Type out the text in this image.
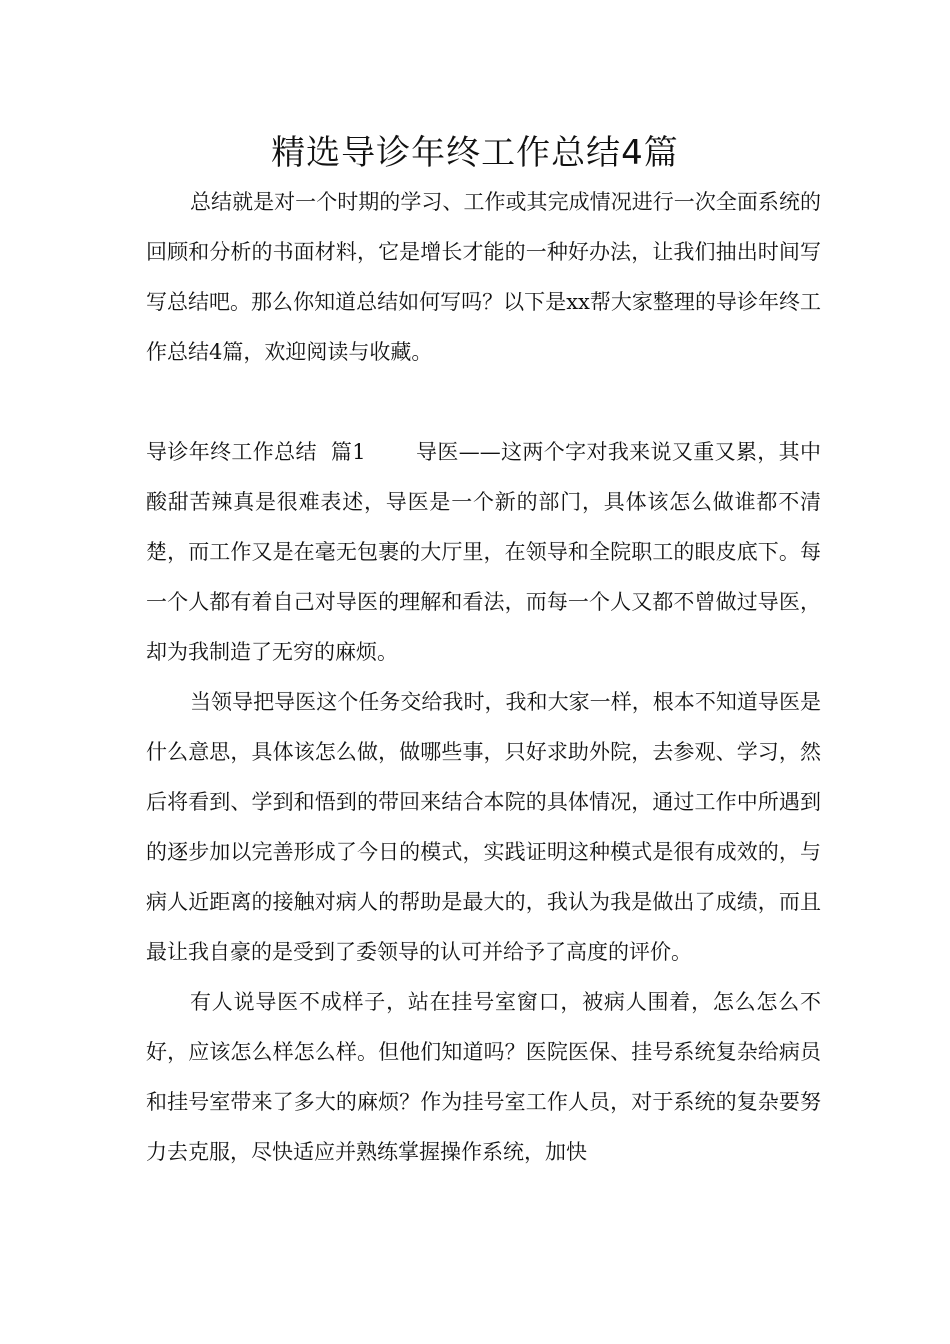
精选导诊年终工作总结4篇

总结就是对一个时期的学习、工作或其完成情况进行一次全面系统的回顾和分析的书面材料，它是增长才能的一种好办法，让我们抽出时间写写总结吧。那么你知道总结如何写吗？以下是xx帮大家整理的导诊年终工作总结4篇，欢迎阅读与收藏。

导诊年终工作总结  篇1 导医——这两个字对我来说又重又累，其中酸甜苦辣真是很难表述，导医是一个新的部门，具体该怎么做谁都不清楚，而工作又是在毫无包裹的大厅里，在领导和全院职工的眼皮底下。每一个人都有着自己对导医的理解和看法，而每一个人又都不曾做过导医，却为我制造了无穷的麻烦。

当领导把导医这个任务交给我时，我和大家一样，根本不知道导医是什么意思，具体该怎么做，做哪些事，只好求助外院，去参观、学习，然后将看到、学到和悟到的带回来结合本院的具体情况，通过工作中所遇到的逐步加以完善形成了今日的模式，实践证明这种模式是很有成效的，与病人近距离的接触对病人的帮助是最大的，我认为我是做出了成绩，而且最让我自豪的是受到了委领导的认可并给予了高度的评价。

有人说导医不成样子，站在挂号室窗口，被病人围着，怎么怎么不好，应该怎么样怎么样。但他们知道吗？医院医保、挂号系统复杂给病员和挂号室带来了多大的麻烦？作为挂号室工作人员，对于系统的复杂要努力去克服，尽快适应并熟练掌握操作系统，加快
